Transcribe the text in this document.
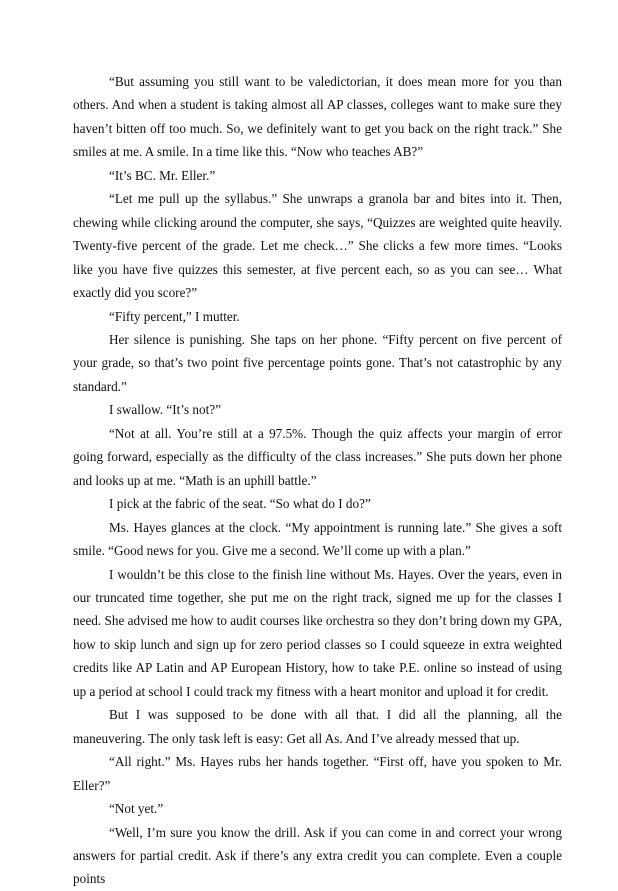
“But assuming you still want to be valedictorian, it does mean more for you than others. And when a student is taking almost all AP classes, colleges want to make sure they haven’t bitten off too much. So, we definitely want to get you back on the right track.” She smiles at me. A smile. In a time like this. “Now who teaches AB?”

“It’s BC. Mr. Eller.”

“Let me pull up the syllabus.” She unwraps a granola bar and bites into it. Then, chewing while clicking around the computer, she says, “Quizzes are weighted quite heavily. Twenty-five percent of the grade. Let me check…” She clicks a few more times. “Looks like you have five quizzes this semester, at five percent each, so as you can see… What exactly did you score?”

“Fifty percent,” I mutter.

Her silence is punishing. She taps on her phone. “Fifty percent on five percent of your grade, so that’s two point five percentage points gone. That’s not catastrophic by any standard.”

I swallow. “It’s not?”

“Not at all. You’re still at a 97.5%. Though the quiz affects your margin of error going forward, especially as the difficulty of the class increases.” She puts down her phone and looks up at me. “Math is an uphill battle.”

I pick at the fabric of the seat. “So what do I do?”

Ms. Hayes glances at the clock. “My appointment is running late.” She gives a soft smile. “Good news for you. Give me a second. We’ll come up with a plan.”

I wouldn’t be this close to the finish line without Ms. Hayes. Over the years, even in our truncated time together, she put me on the right track, signed me up for the classes I need. She advised me how to audit courses like orchestra so they don’t bring down my GPA, how to skip lunch and sign up for zero period classes so I could squeeze in extra weighted credits like AP Latin and AP European History, how to take P.E. online so instead of using up a period at school I could track my fitness with a heart monitor and upload it for credit.

But I was supposed to be done with all that. I did all the planning, all the maneuvering. The only task left is easy: Get all As. And I’ve already messed that up.

“All right.” Ms. Hayes rubs her hands together. “First off, have you spoken to Mr. Eller?”

“Not yet.”

“Well, I’m sure you know the drill. Ask if you can come in and correct your wrong answers for partial credit. Ask if there’s any extra credit you can complete. Even a couple points
